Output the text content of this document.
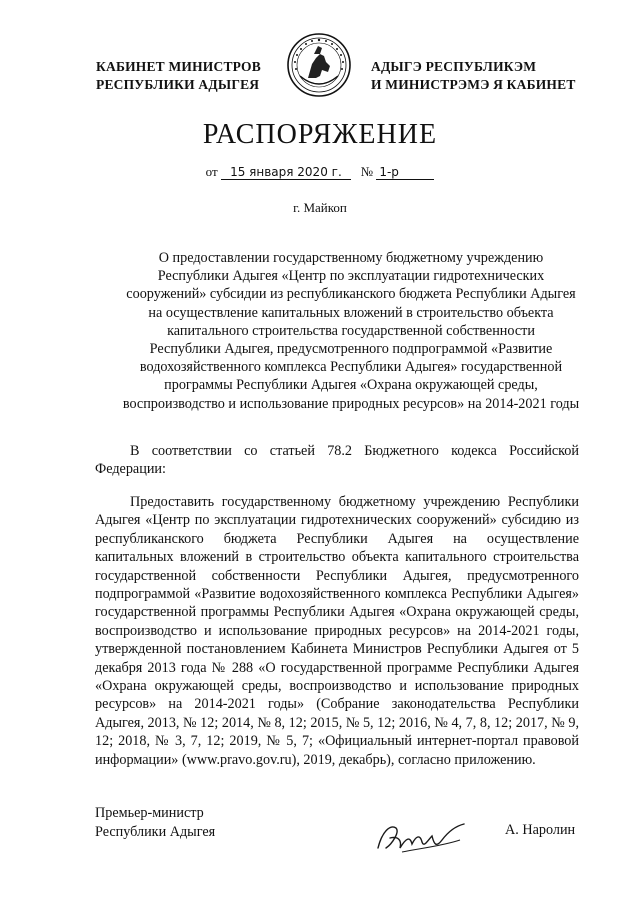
КАБИНЕТ МИНИСТРОВ
РЕСПУБЛИКИ АДЫГЕЯ
АДЫГЭ РЕСПУБЛИКЭМ
И МИНИСТРЭМЭ Я КАБИНЕТ
РАСПОРЯЖЕНИЕ
от 15 января 2020 г. № 1-р
г. Майкоп
О предоставлении государственному бюджетному учреждению
Республики Адыгея «Центр по эксплуатации гидротехнических
сооружений» субсидии из республиканского бюджета Республики Адыгея
на осуществление капитальных вложений в строительство объекта
капитального строительства государственной собственности
Республики Адыгея, предусмотренного подпрограммой «Развитие
водохозяйственного комплекса Республики Адыгея» государственной
программы Республики Адыгея «Охрана окружающей среды,
воспроизводство и использование природных ресурсов» на 2014-2021 годы
В соответствии со статьей 78.2 Бюджетного кодекса Российской Федерации:
Предоставить государственному бюджетному учреждению Республики Адыгея «Центр по эксплуатации гидротехнических сооружений» субсидию из республиканского бюджета Республики Адыгея на осуществление капитальных вложений в строительство объекта капитального строительства государственной собственности Республики Адыгея, предусмотренного подпрограммой «Развитие водохозяйственного комплекса Республики Адыгея» государственной программы Республики Адыгея «Охрана окружающей среды, воспроизводство и использование природных ресурсов» на 2014-2021 годы, утвержденной постановлением Кабинета Министров Республики Адыгея от 5 декабря 2013 года № 288 «О государственной программе Республики Адыгея «Охрана окружающей среды, воспроизводство и использование природных ресурсов» на 2014-2021 годы» (Собрание законодательства Республики Адыгея, 2013, № 12; 2014, № 8, 12; 2015, № 5, 12; 2016, № 4, 7, 8, 12; 2017, № 9, 12; 2018, № 3, 7, 12; 2019, № 5, 7; «Официальный интернет-портал правовой информации» (www.pravo.gov.ru), 2019, декабрь), согласно приложению.
Премьер-министр
Республики Адыгея	А. Наролин
